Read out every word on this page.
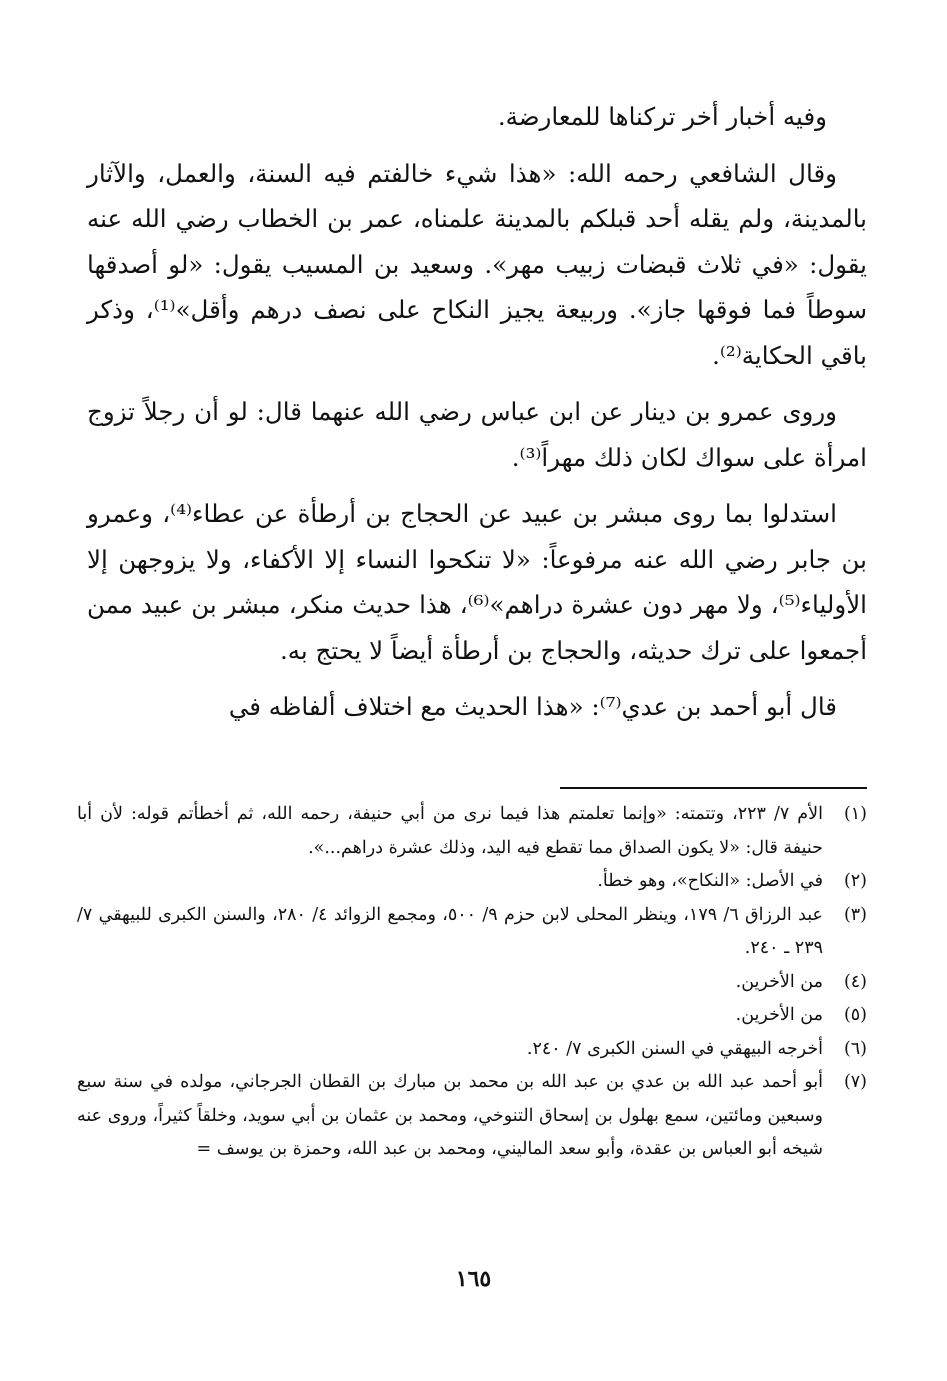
وفيه أخبار أخر تركناها للمعارضة.

وقال الشافعي رحمه الله: «هذا شيء خالفتم فيه السنة، والعمل، والآثار بالمدينة، ولم يقله أحد قبلكم بالمدينة علمناه، عمر بن الخطاب رضي الله عنه يقول: «في ثلاث قبضات زبيب مهر». وسعيد بن المسيب يقول: «لو أصدقها سوطاً فما فوقها جاز». وربيعة يجيز النكاح على نصف درهم وأقل»⁽¹⁾، وذكر باقي الحكاية⁽²⁾.

وروى عمرو بن دينار عن ابن عباس رضي الله عنهما قال: لو أن رجلاً تزوج امرأة على سواك لكان ذلك مهراً⁽³⁾.

استدلوا بما روى مبشر بن عبيد عن الحجاج بن أرطأة عن عطاء⁽⁴⁾، وعمرو بن جابر رضي الله عنه مرفوعاً: «لا تنكحوا النساء إلا الأكفاء، ولا يزوجهن إلا الأولياء⁽⁵⁾، ولا مهر دون عشرة دراهم»⁽⁶⁾، هذا حديث منكر، مبشر بن عبيد ممن أجمعوا على ترك حديثه، والحجاج بن أرطأة أيضاً لا يحتج به.

قال أبو أحمد بن عدي⁽⁷⁾: «هذا الحديث مع اختلاف ألفاظه في

(١)
الأم ٧/ ٢٢٣، وتتمته: «وإنما تعلمتم هذا فيما نرى من أبي حنيفة، رحمه الله، ثم أخطأتم قوله: لأن أبا حنيفة قال: «لا يكون الصداق مما تقطع فيه اليد، وذلك عشرة دراهم...».
(٢)
في الأصل: «النكاح»، وهو خطأ.
(٣)
عبد الرزاق ٦/ ١٧٩، وينظر المحلى لابن حزم ٩/ ٥٠٠، ومجمع الزوائد ٤/ ٢٨٠، والسنن الكبرى للبيهقي ٧/ ٢٣٩ ـ ٢٤٠.
(٤)
من الأخرين.
(٥)
من الأخرين.
(٦)
أخرجه البيهقي في السنن الكبرى ٧/ ٢٤٠.
(٧)
أبو أحمد عبد الله بن عدي بن عبد الله بن محمد بن مبارك بن القطان الجرجاني، مولده في سنة سبع وسبعين ومائتين، سمع بهلول بن إسحاق التنوخي، ومحمد بن عثمان بن أبي سويد، وخلقاً كثيراً، وروى عنه شيخه أبو العباس بن عقدة، وأبو سعد الماليني، ومحمد بن عبد الله، وحمزة بن يوسف =
١٦٥
